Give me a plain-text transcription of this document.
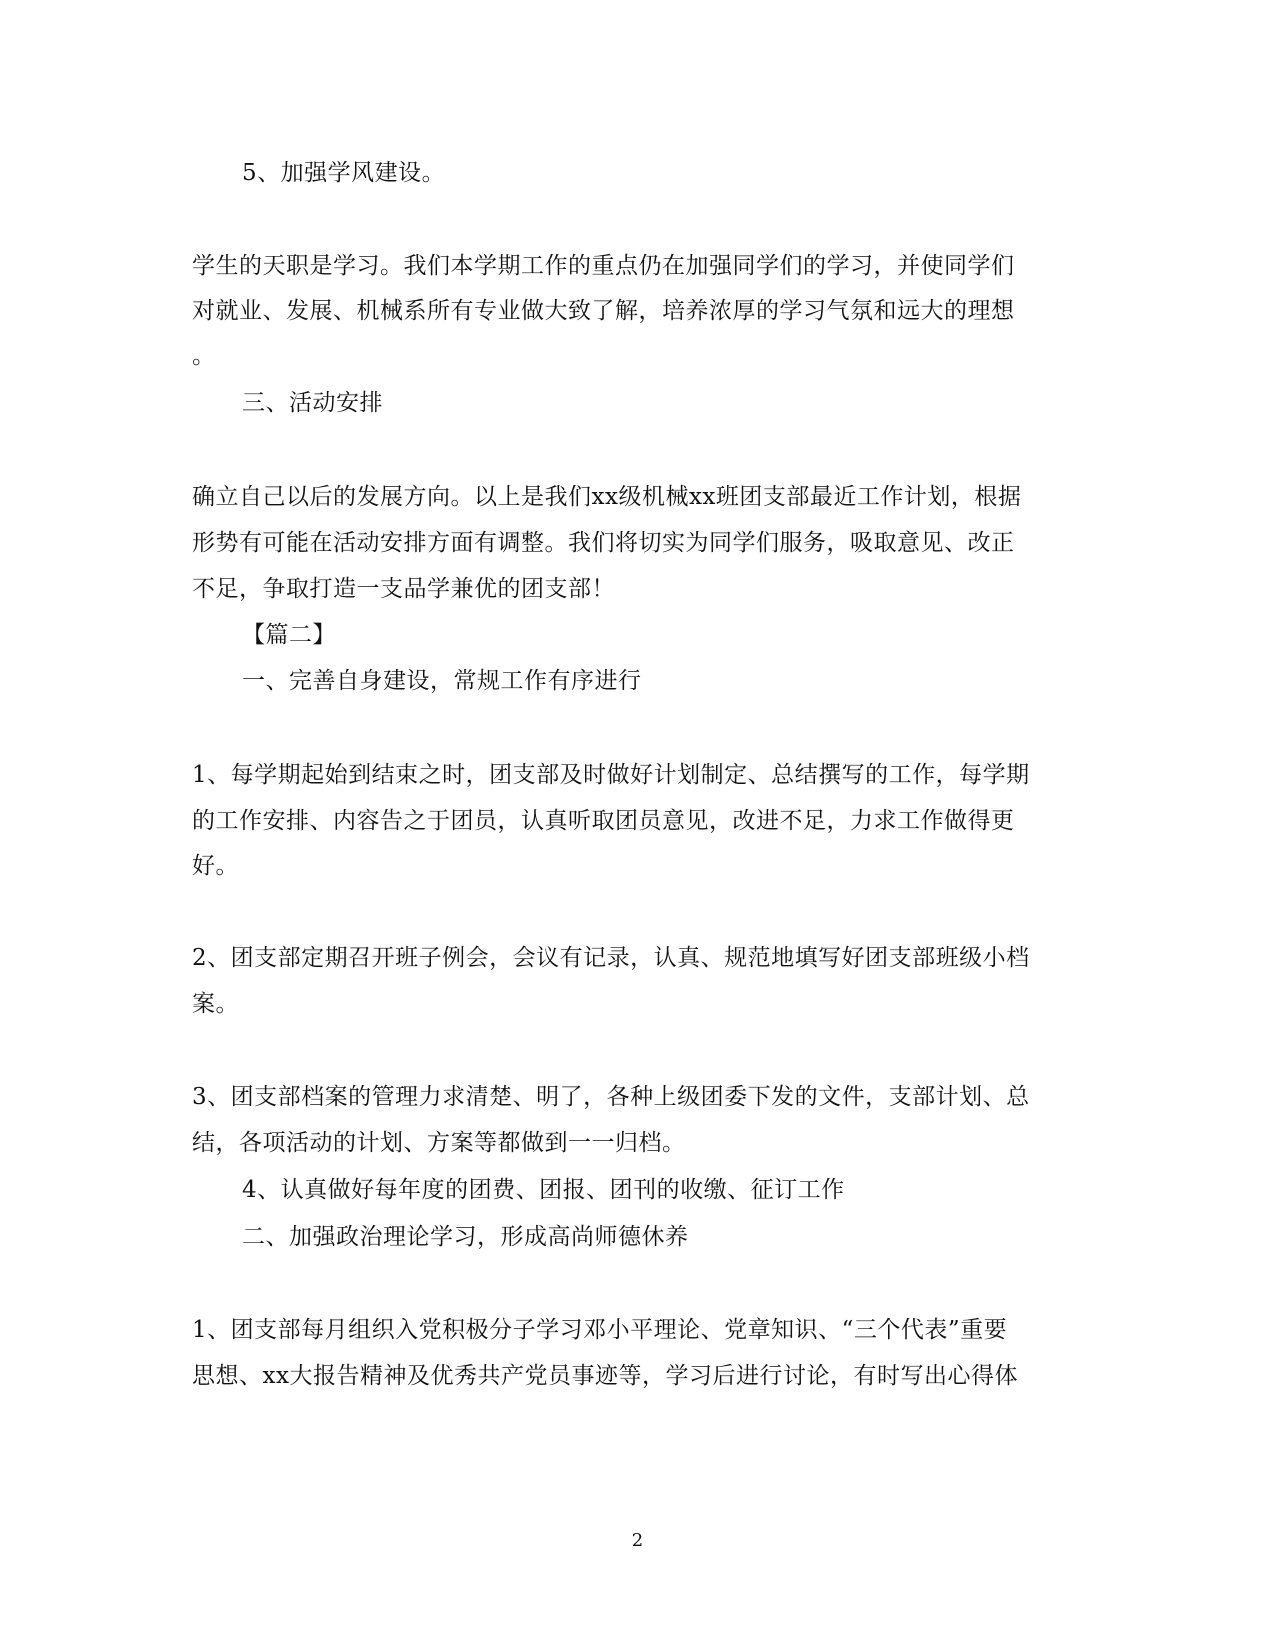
5、加强学风建设。
学生的天职是学习。我们本学期工作的重点仍在加强同学们的学习，并使同学们
对就业、发展、机械系所有专业做大致了解，培养浓厚的学习气氛和远大的理想
。
三、活动安排
确立自己以后的发展方向。以上是我们xx级机械xx班团支部最近工作计划，根据
形势有可能在活动安排方面有调整。我们将切实为同学们服务，吸取意见、改正
不足，争取打造一支品学兼优的团支部！
【篇二】
一、完善自身建设，常规工作有序进行
1、每学期起始到结束之时，团支部及时做好计划制定、总结撰写的工作，每学期
的工作安排、内容告之于团员，认真听取团员意见，改进不足，力求工作做得更
好。
2、团支部定期召开班子例会，会议有记录，认真、规范地填写好团支部班级小档
案。
3、团支部档案的管理力求清楚、明了，各种上级团委下发的文件，支部计划、总
结，各项活动的计划、方案等都做到一一归档。
4、认真做好每年度的团费、团报、团刊的收缴、征订工作
二、加强政治理论学习，形成高尚师德休养
1、团支部每月组织入党积极分子学习邓小平理论、党章知识、“三个代表”重要
思想、xx大报告精神及优秀共产党员事迹等，学习后进行讨论，有时写出心得体
2
